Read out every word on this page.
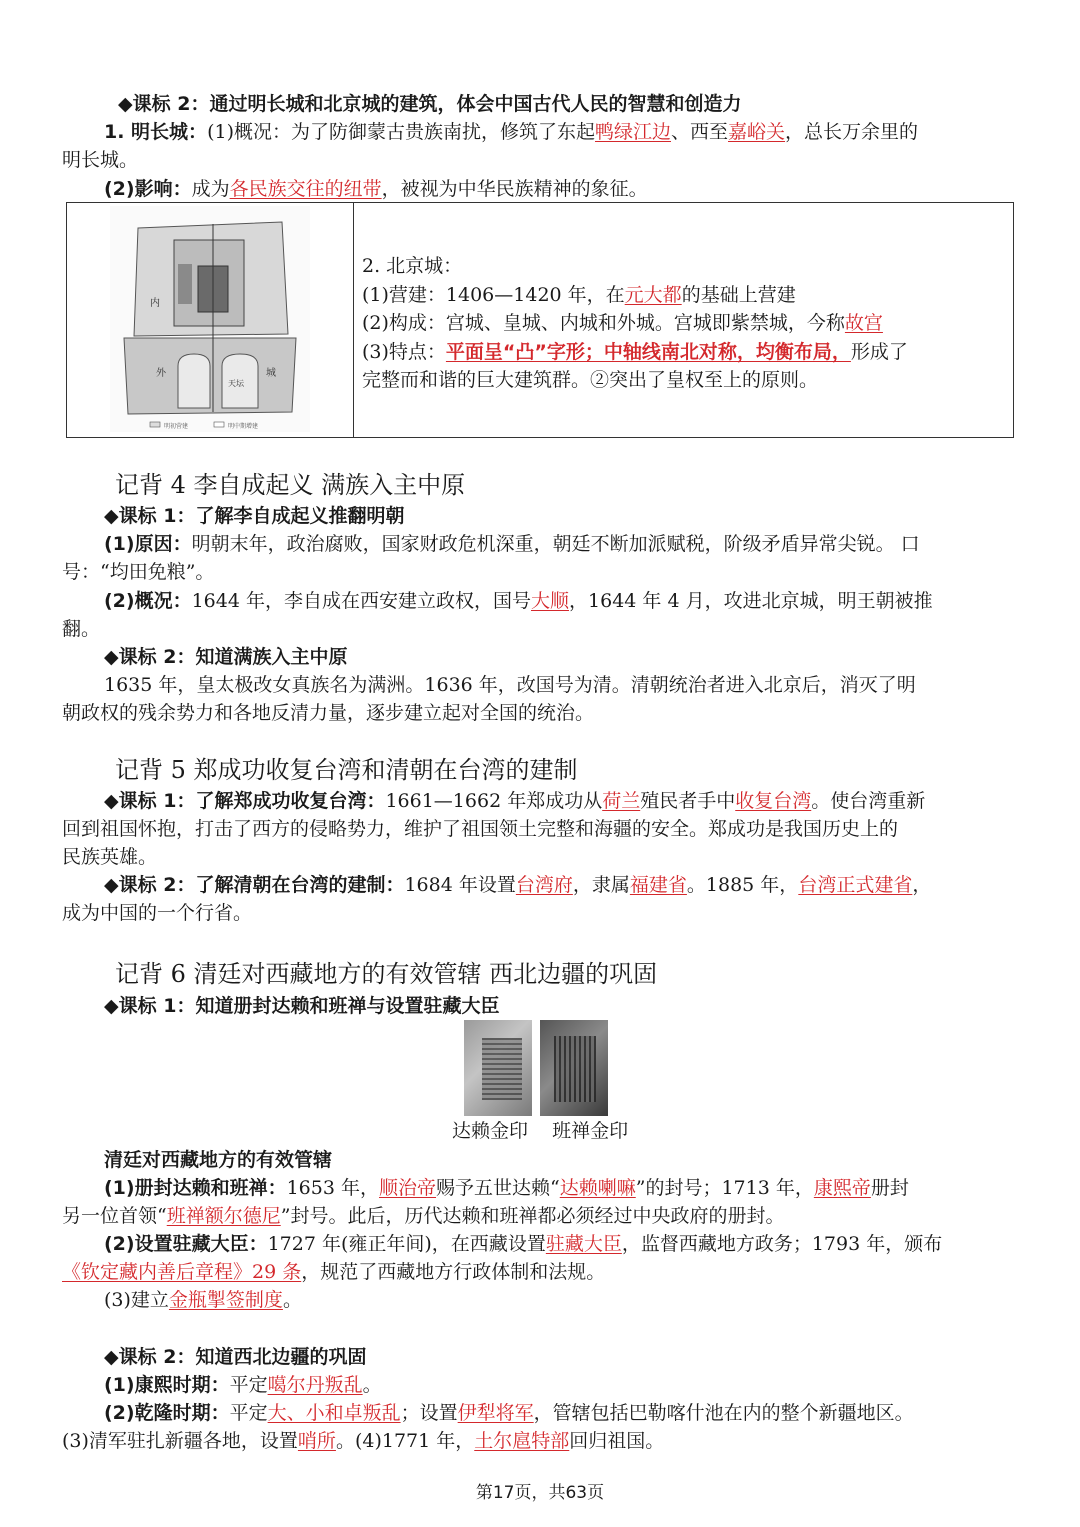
◆课标 2：通过明长城和北京城的建筑，体会中国古代人民的智慧和创造力
1. 明长城：(1)概况：为了防御蒙古贵族南扰，修筑了东起鸭绿江边、西至嘉峪关，总长万余里的
明长城。
(2)影响：成为各民族交往的纽带，被视为中华民族精神的象征。
内
外	城
天坛
明初营建	明中期增建
2. 北京城：
(1)营建：1406—1420 年，在元大都的基础上营建
(2)构成：宫城、皇城、内城和外城。宫城即紫禁城，今称故宫
(3)特点：平面呈“凸”字形；中轴线南北对称，均衡布局，形成了
完整而和谐的巨大建筑群。②突出了皇权至上的原则。
记背 4 李自成起义 满族入主中原
◆课标 1：了解李自成起义推翻明朝
(1)原因：明朝末年，政治腐败，国家财政危机深重，朝廷不断加派赋税，阶级矛盾异常尖锐。 口
号：“均田免粮”。
(2)概况：1644 年，李自成在西安建立政权，国号大顺，1644 年 4 月，攻进北京城，明王朝被推
翻。
◆课标 2：知道满族入主中原
1635 年，皇太极改女真族名为满洲。1636 年，改国号为清。清朝统治者进入北京后，消灭了明
朝政权的残余势力和各地反清力量，逐步建立起对全国的统治。
记背 5 郑成功收复台湾和清朝在台湾的建制
◆课标 1：了解郑成功收复台湾：1661—1662 年郑成功从荷兰殖民者手中收复台湾。使台湾重新
回到祖国怀抱，打击了西方的侵略势力，维护了祖国领土完整和海疆的安全。郑成功是我国历史上的
民族英雄。
◆课标 2：了解清朝在台湾的建制：1684 年设置台湾府，隶属福建省。1885 年，台湾正式建省，
成为中国的一个行省。
记背 6 清廷对西藏地方的有效管辖 西北边疆的巩固
◆课标 1：知道册封达赖和班禅与设置驻藏大臣
达赖金印    班禅金印
清廷对西藏地方的有效管辖
(1)册封达赖和班禅：1653 年，顺治帝赐予五世达赖“达赖喇嘛”的封号；1713 年，康熙帝册封
另一位首领“班禅额尔德尼”封号。此后，历代达赖和班禅都必须经过中央政府的册封。
(2)设置驻藏大臣：1727 年(雍正年间)，在西藏设置驻藏大臣，监督西藏地方政务；1793 年，颁布
《钦定藏内善后章程》29 条，规范了西藏地方行政体制和法规。
(3)建立金瓶掣签制度。
◆课标 2：知道西北边疆的巩固
(1)康熙时期：平定噶尔丹叛乱。
(2)乾隆时期：平定大、小和卓叛乱；设置伊犁将军，管辖包括巴勒喀什池在内的整个新疆地区。
(3)清军驻扎新疆各地，设置哨所。(4)1771 年，土尔扈特部回归祖国。
第17页，共63页
